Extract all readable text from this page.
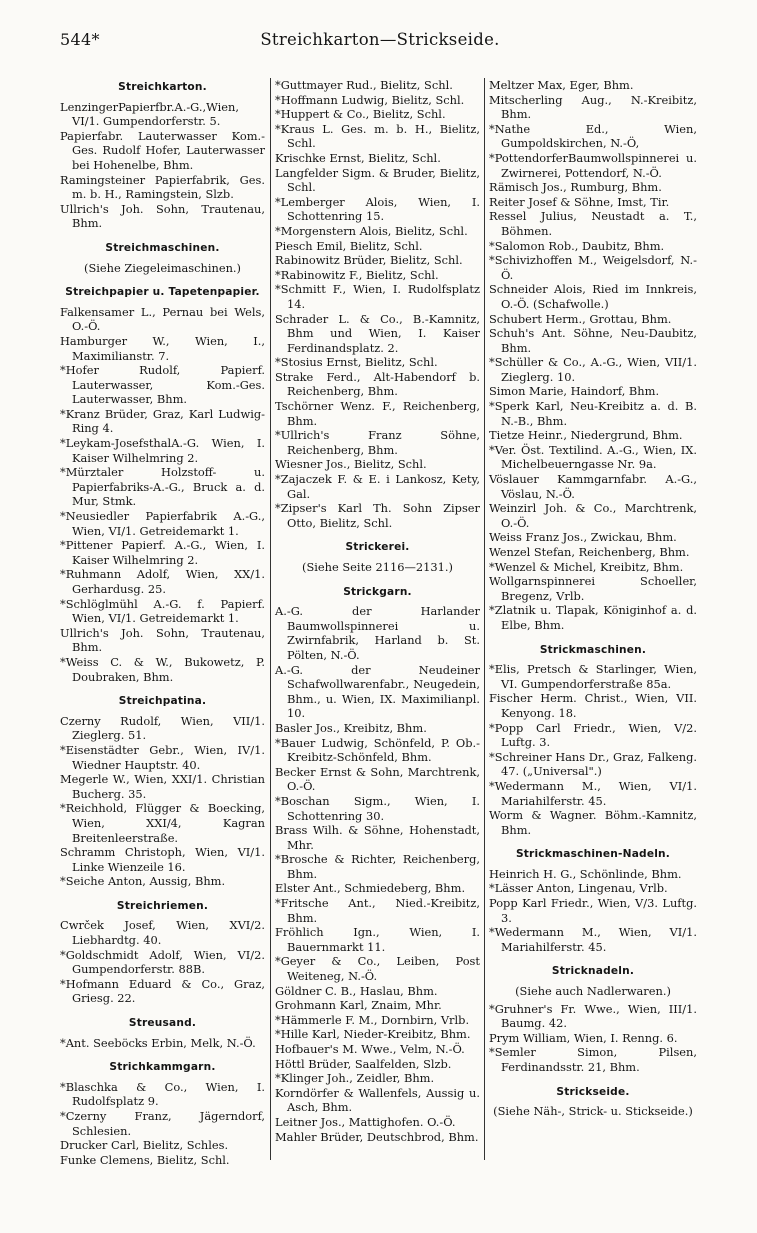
544*	Streichkarton—Strickseide.
Streichkarton.
LenzingerPapierfbr.A.-G.,Wien, VI/1. Gumpendorferstr. 5.
Papierfabr. Lauterwasser Kom.-Ges. Rudolf Hofer, Lauterwasser bei Hohenelbe, Bhm.
Ramingsteiner Papierfabrik, Ges. m. b. H., Ramingstein, Slzb.
Ullrich's Joh. Sohn, Trautenau, Bhm.
Streichmaschinen.
(Siehe Ziegeleimaschinen.)
Streichpapier u. Tapetenpapier.
Falkensamer L., Pernau bei Wels, O.-Ö.
Hamburger W., Wien, I., Maximilianstr. 7.
*Hofer Rudolf, Papierf. Lauterwasser, Kom.-Ges. Lauterwasser, Bhm.
*Kranz Brüder, Graz, Karl Ludwig-Ring 4.
*Leykam-JosefsthalA.-G. Wien, I. Kaiser Wilhelmring 2.
*Mürztaler Holzstoff- u. Papierfabriks-A.-G., Bruck a. d. Mur, Stmk.
*Neusiedler Papierfabrik A.-G., Wien, VI/1. Getreidemarkt 1.
*Pittener Papierf. A.-G., Wien, I. Kaiser Wilhelmring 2.
*Ruhmann Adolf, Wien, XX/1. Gerhardusg. 25.
*Schlöglmühl A.-G. f. Papierf. Wien, VI/1. Getreidemarkt 1.
Ullrich's Joh. Sohn, Trautenau, Bhm.
*Weiss C. & W., Bukowetz, P. Doubraken, Bhm.
Streichpatina.
Czerny Rudolf, Wien, VII/1. Zieglerg. 51.
*Eisenstädter Gebr., Wien, IV/1. Wiedner Hauptstr. 40.
Megerle W., Wien, XXI/1. Christian Bucherg. 35.
*Reichhold, Flügger & Boecking, Wien, XXI/4, Kagran Breitenleerstraße.
Schramm Christoph, Wien, VI/1. Linke Wienzeile 16.
*Seiche Anton, Aussig, Bhm.
Streichriemen.
Cwrček Josef, Wien, XVI/2. Liebhardtg. 40.
*Goldschmidt Adolf, Wien, VI/2. Gumpendorferstr. 88B.
*Hofmann Eduard & Co., Graz, Griesg. 22.
Streusand.
*Ant. Seeböcks Erbin, Melk, N.-Ö.
Strichkammgarn.
*Blaschka & Co., Wien, I. Rudolfsplatz 9.
*Czerny Franz, Jägerndorf, Schlesien.
Drucker Carl, Bielitz, Schles.
Funke Clemens, Bielitz, Schl.
*Guttmayer Rud., Bielitz, Schl.
*Hoffmann Ludwig, Bielitz, Schl.
*Huppert & Co., Bielitz, Schl.
*Kraus L. Ges. m. b. H., Bielitz, Schl.
Krischke Ernst, Bielitz, Schl.
Langfelder Sigm. & Bruder, Bielitz, Schl.
*Lemberger Alois, Wien, I. Schottenring 15.
*Morgenstern Alois, Bielitz, Schl.
Piesch Emil, Bielitz, Schl.
Rabinowitz Brüder, Bielitz, Schl.
*Rabinowitz F., Bielitz, Schl.
*Schmitt F., Wien, I. Rudolfsplatz 14.
Schrader L. & Co., B.-Kamnitz, Bhm und Wien, I. Kaiser Ferdinandsplatz. 2.
*Stosius Ernst, Bielitz, Schl.
Strake Ferd., Alt-Habendorf b. Reichenberg, Bhm.
Tschörner Wenz. F., Reichenberg, Bhm.
*Ullrich's Franz Söhne, Reichenberg, Bhm.
Wiesner Jos., Bielitz, Schl.
*Zajaczek F. & E. i Lankosz, Kety, Gal.
*Zipser's Karl Th. Sohn Zipser Otto, Bielitz, Schl.
Strickerei.
(Siehe Seite 2116—2131.)
Strickgarn.
A.-G. der Harlander Baumwollspinnerei u. Zwirnfabrik, Harland b. St. Pölten, N.-Ö.
A.-G. der Neudeiner Schafwollwarenfabr., Neugedein, Bhm., u. Wien, IX. Maximilianpl. 10.
Basler Jos., Kreibitz, Bhm.
*Bauer Ludwig, Schönfeld, P. Ob.-Kreibitz-Schönfeld, Bhm.
Becker Ernst & Sohn, Marchtrenk, O.-Ö.
*Boschan Sigm., Wien, I. Schottenring 30.
Brass Wilh. & Söhne, Hohenstadt, Mhr.
*Brosche & Richter, Reichenberg, Bhm.
Elster Ant., Schmiedeberg, Bhm.
*Fritsche Ant., Nied.-Kreibitz, Bhm.
Fröhlich Ign., Wien, I. Bauernmarkt 11.
*Geyer & Co., Leiben, Post Weiteneg, N.-Ö.
Göldner C. B., Haslau, Bhm.
Grohmann Karl, Znaim, Mhr.
*Hämmerle F. M., Dornbirn, Vrlb.
*Hille Karl, Nieder-Kreibitz, Bhm.
Hofbauer's M. Wwe., Velm, N.-Ö.
Höttl Brüder, Saalfelden, Slzb.
*Klinger Joh., Zeidler, Bhm.
Korndörfer & Wallenfels, Aussig u. Asch, Bhm.
Leitner Jos., Mattighofen. O.-Ö.
Mahler Brüder, Deutschbrod, Bhm.
Meltzer Max, Eger, Bhm.
Mitscherling Aug., N.-Kreibitz, Bhm.
*Nathe Ed., Wien, Gumpoldskirchen, N.-Ö,
*PottendorferBaumwollspinnerei u. Zwirnerei, Pottendorf, N.-Ö.
Rämisch Jos., Rumburg, Bhm.
Reiter Josef & Söhne, Imst, Tir.
Ressel Julius, Neustadt a. T., Böhmen.
*Salomon Rob., Daubitz, Bhm.
*Schivizhoffen M., Weigelsdorf, N.-Ö.
Schneider Alois, Ried im Innkreis, O.-Ö. (Schafwolle.)
Schubert Herm., Grottau, Bhm.
Schuh's Ant. Söhne, Neu-Daubitz, Bhm.
*Schüller & Co., A.-G., Wien, VII/1. Zieglerg. 10.
Simon Marie, Haindorf, Bhm.
*Sperk Karl, Neu-Kreibitz a. d. B. N.-B., Bhm.
Tietze Heinr., Niedergrund, Bhm.
*Ver. Öst. Textilind. A.-G., Wien, IX. Michelbeuerngasse Nr. 9a.
Vöslauer Kammgarnfabr. A.-G., Vöslau, N.-Ö.
Weinzirl Joh. & Co., Marchtrenk, O.-Ö.
Weiss Franz Jos., Zwickau, Bhm.
Wenzel Stefan, Reichenberg, Bhm.
*Wenzel & Michel, Kreibitz, Bhm.
Wollgarnspinnerei Schoeller, Bregenz, Vrlb.
*Zlatnik u. Tlapak, Königinhof a. d. Elbe, Bhm.
Strickmaschinen.
*Elis, Pretsch & Starlinger, Wien, VI. Gumpendorferstraße 85a.
Fischer Herm. Christ., Wien, VII. Kenyong. 18.
*Popp Carl Friedr., Wien, V/2. Luftg. 3.
*Schreiner Hans Dr., Graz, Falkeng. 47. („Universal".)
*Wedermann M., Wien, VI/1. Mariahilferstr. 45.
Worm & Wagner. Böhm.-Kamnitz, Bhm.
Strickmaschinen-Nadeln.
Heinrich H. G., Schönlinde, Bhm.
*Lässer Anton, Lingenau, Vrlb.
Popp Karl Friedr., Wien, V/3. Luftg. 3.
*Wedermann M., Wien, VI/1. Mariahilferstr. 45.
Stricknadeln.
(Siehe auch Nadlerwaren.)
*Gruhner's Fr. Wwe., Wien, III/1. Baumg. 42.
Prym William, Wien, I. Renng. 6.
*Semler Simon, Pilsen, Ferdinandsstr. 21, Bhm.
Strickseide.
(Siehe Näh-, Strick- u. Stickseide.)
